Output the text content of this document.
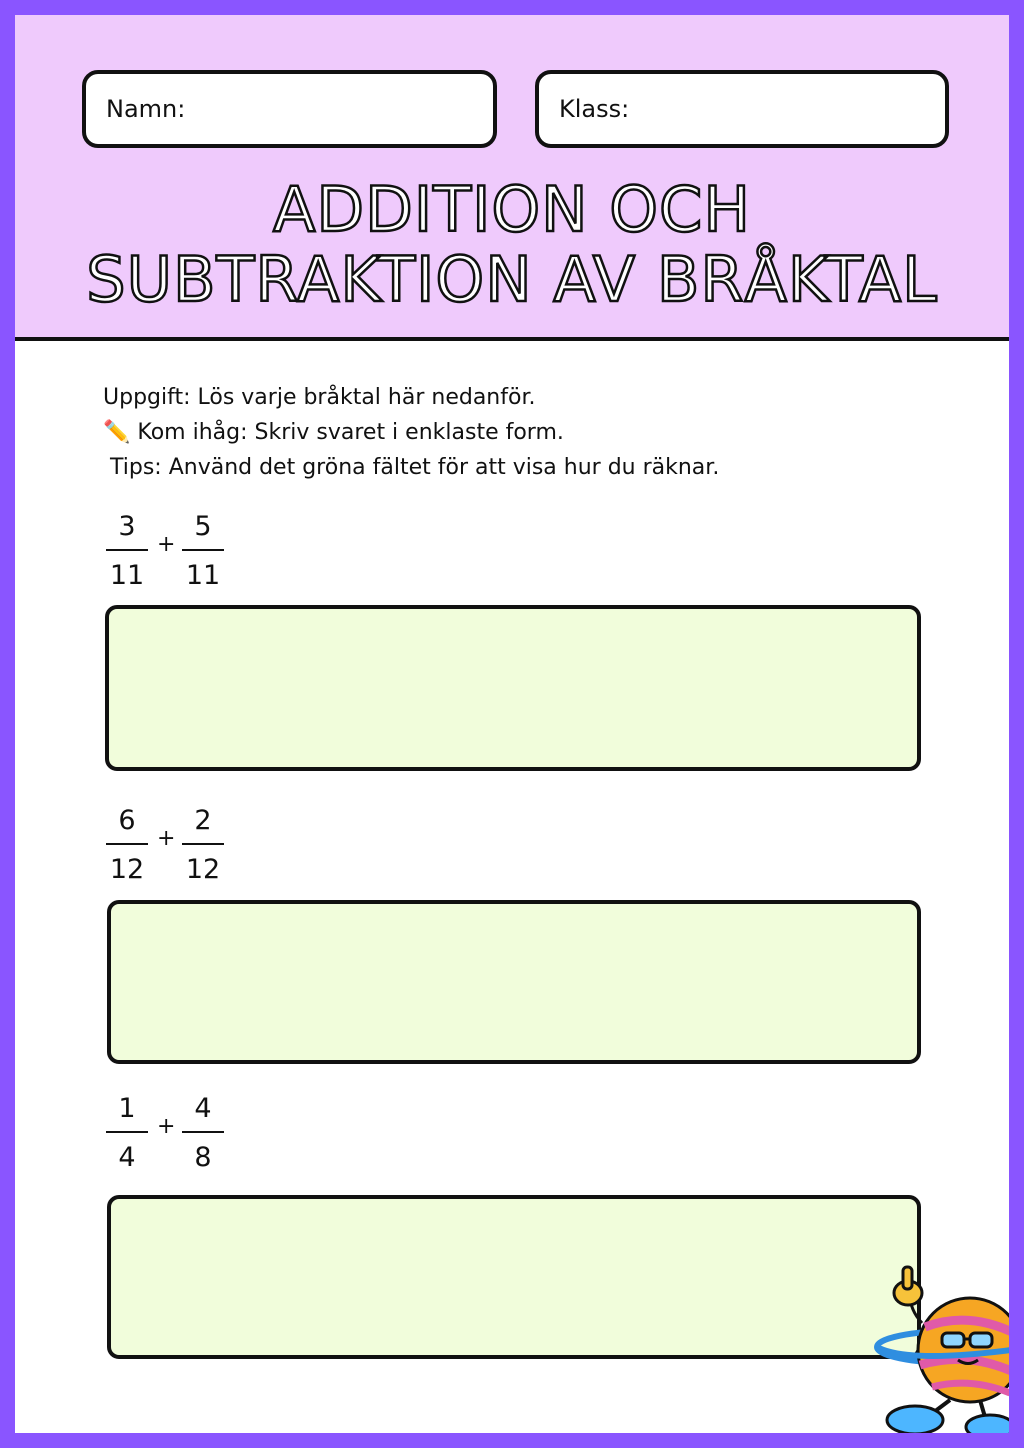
Namn:	Klass:
ADDITION OCH
SUBTRAKTION AV BRÅKTAL
Uppgift: Lös varje bråktal här nedanför.
✏️ Kom ihåg: Skriv svaret i enklaste form.
Tips: Använd det gröna fältet för att visa hur du räknar.
3
11
+
5
11
6
12
+
2
12
1
4
+
4
8
